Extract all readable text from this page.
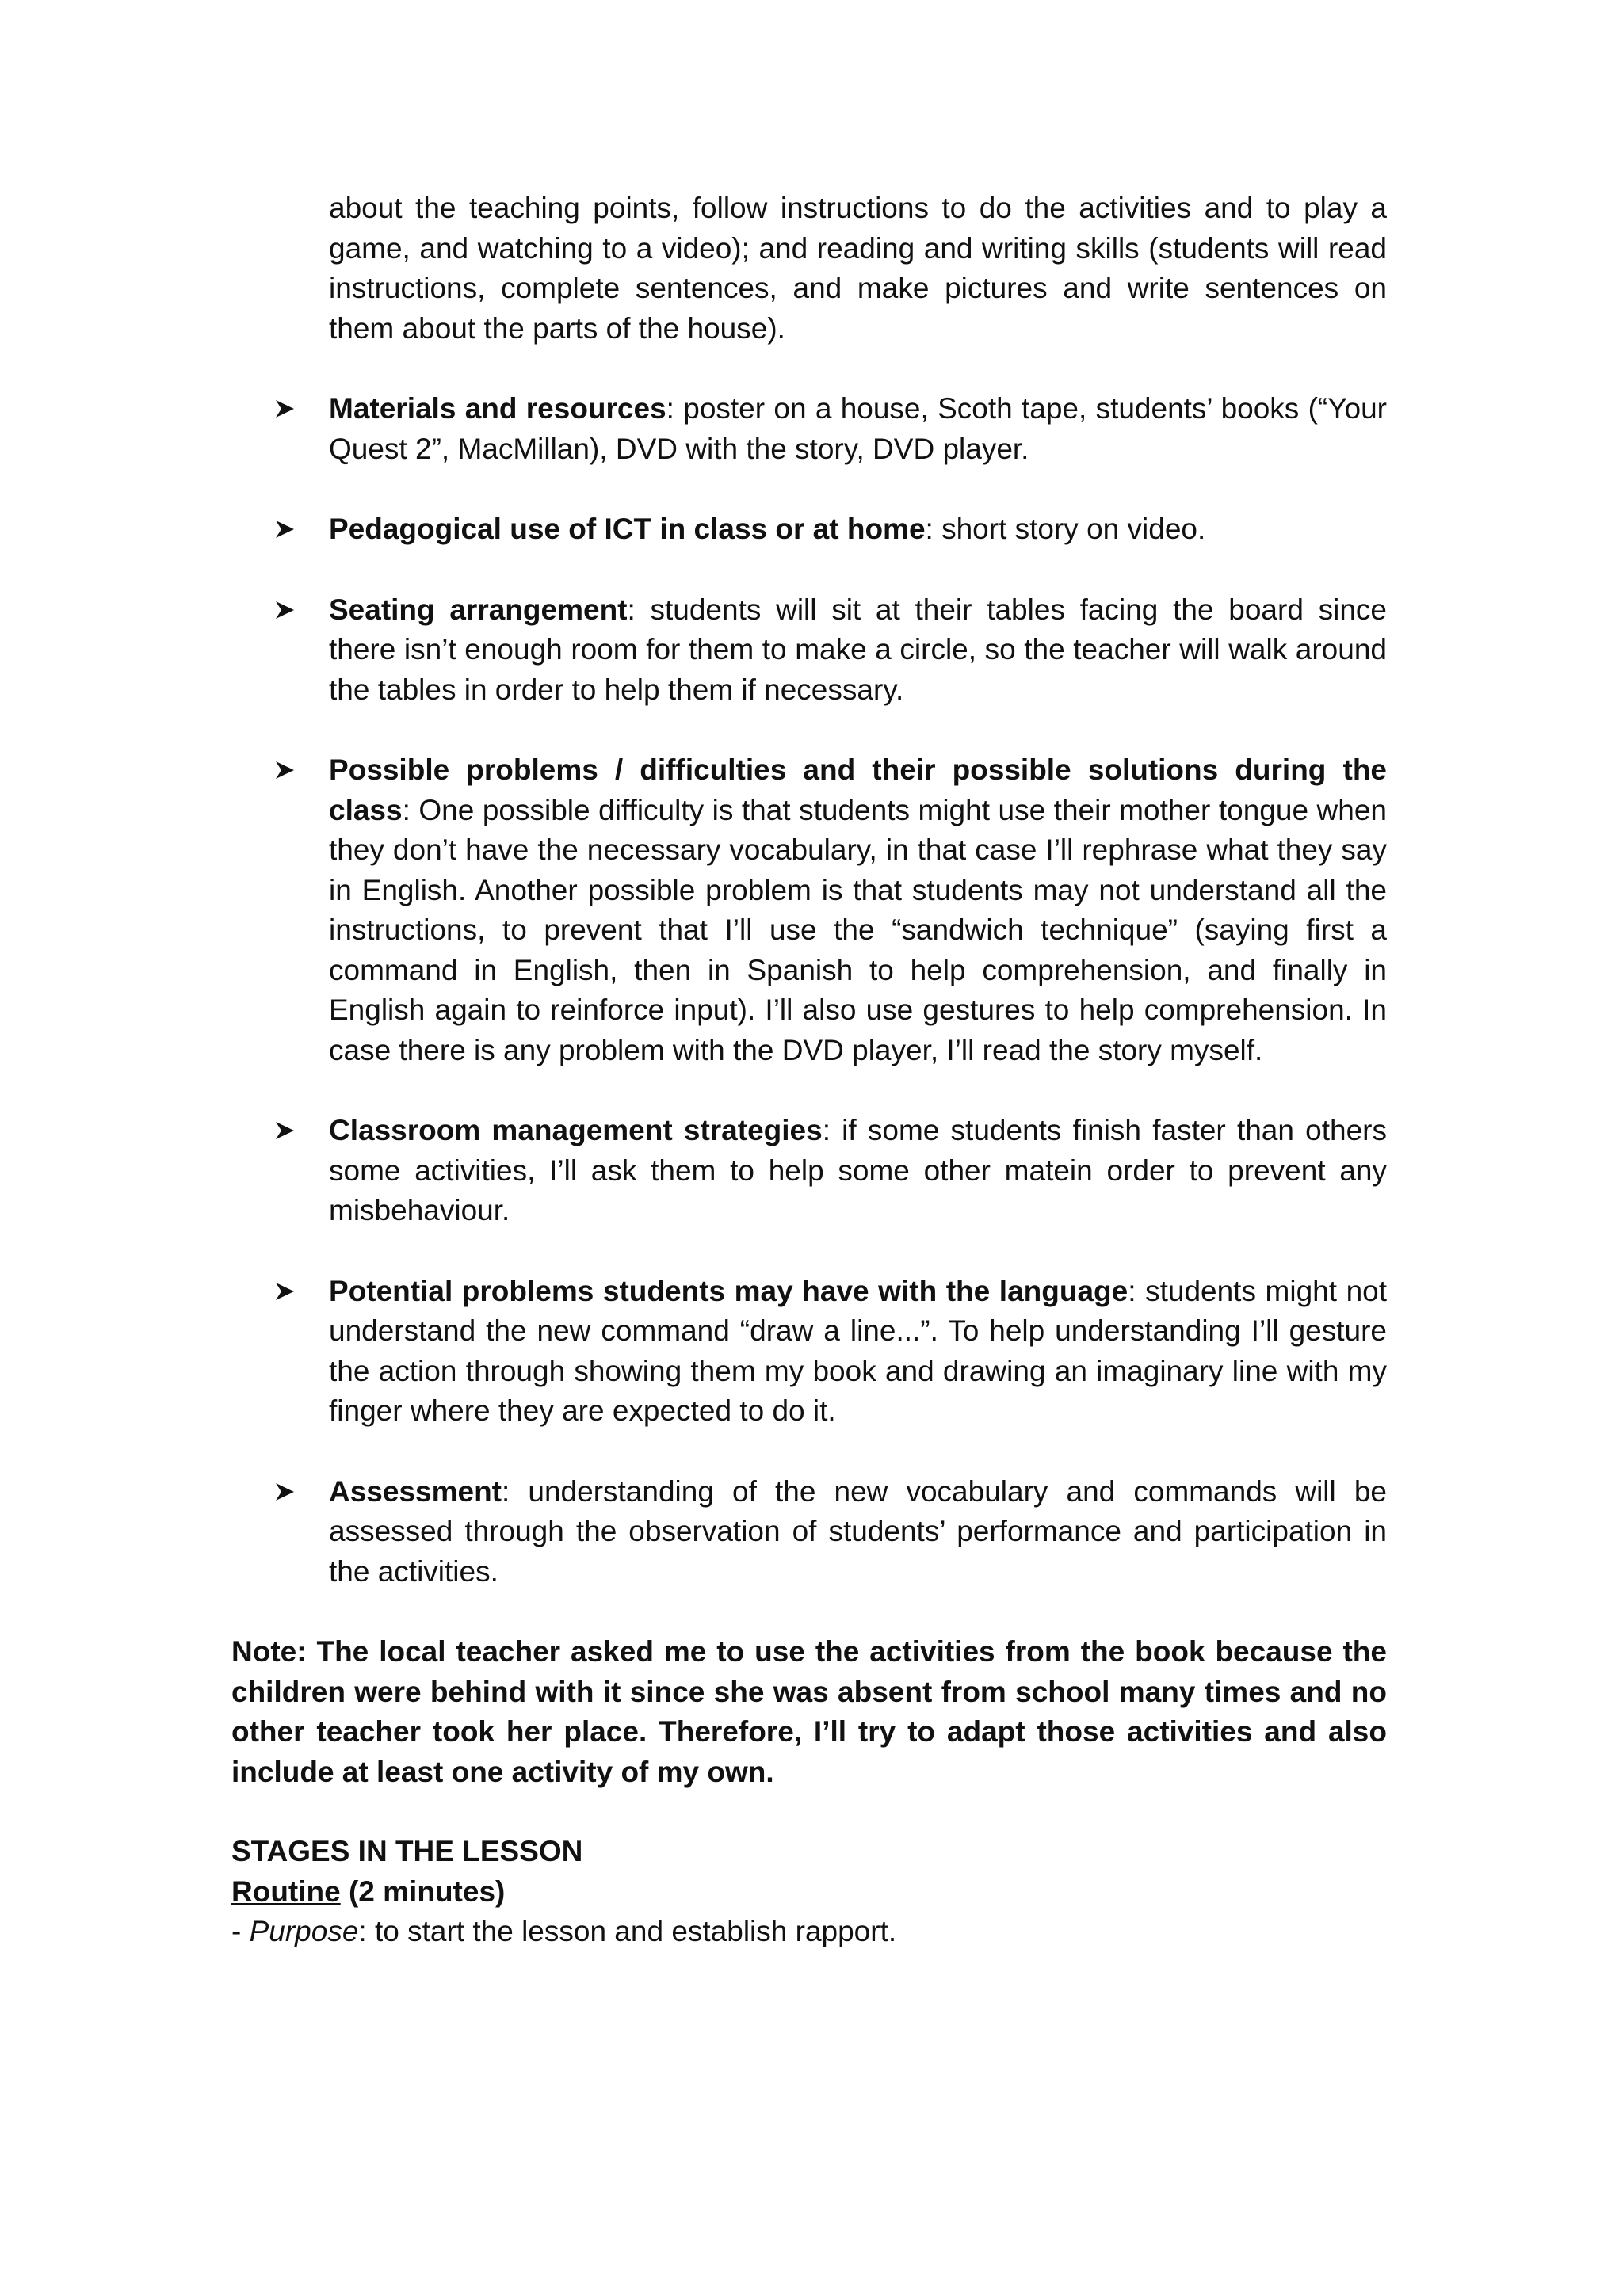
about the teaching points, follow instructions to do the activities and to play a game, and watching to a video); and reading and writing skills (students will read instructions, complete sentences, and make pictures and write sentences on them about the parts of the house).

Materials and resources: poster on a house, Scoth tape, students’ books (“Your Quest 2”, MacMillan), DVD with the story, DVD player.
Pedagogical use of ICT in class or at home: short story on video.
Seating arrangement: students will sit at their tables facing the board since there isn’t enough room for them to make a circle, so the teacher will walk around the tables in order to help them if necessary.
Possible problems / difficulties and their possible solutions during the class: One possible difficulty is that students might use their mother tongue when they don’t have the necessary vocabulary, in that case I’ll rephrase what they say in English. Another possible problem is that students may not understand all the instructions, to prevent that I’ll use the “sandwich technique” (saying first a command in English, then in Spanish to help comprehension, and finally in English again to reinforce input). I’ll also use gestures to help comprehension. In case there is any problem with the DVD player, I’ll read the story myself.
Classroom management strategies: if some students finish faster than others some activities, I’ll ask them to help some other matein order to prevent any misbehaviour.
Potential problems students may have with the language: students might not understand the new command “draw a line...”. To help understanding I’ll gesture the action through showing them my book and drawing an imaginary line with my finger where they are expected to do it.
Assessment: understanding of the new vocabulary and commands will be assessed through the observation of students’ performance and participation in the activities.

Note: The local teacher asked me to use the activities from the book because the children were behind with it since she was absent from school many times and no other teacher took her place. Therefore, I’ll try to adapt those activities and also include at least one activity of my own.

STAGES IN THE LESSON
Routine (2 minutes)
- Purpose: to start the lesson and establish rapport.
